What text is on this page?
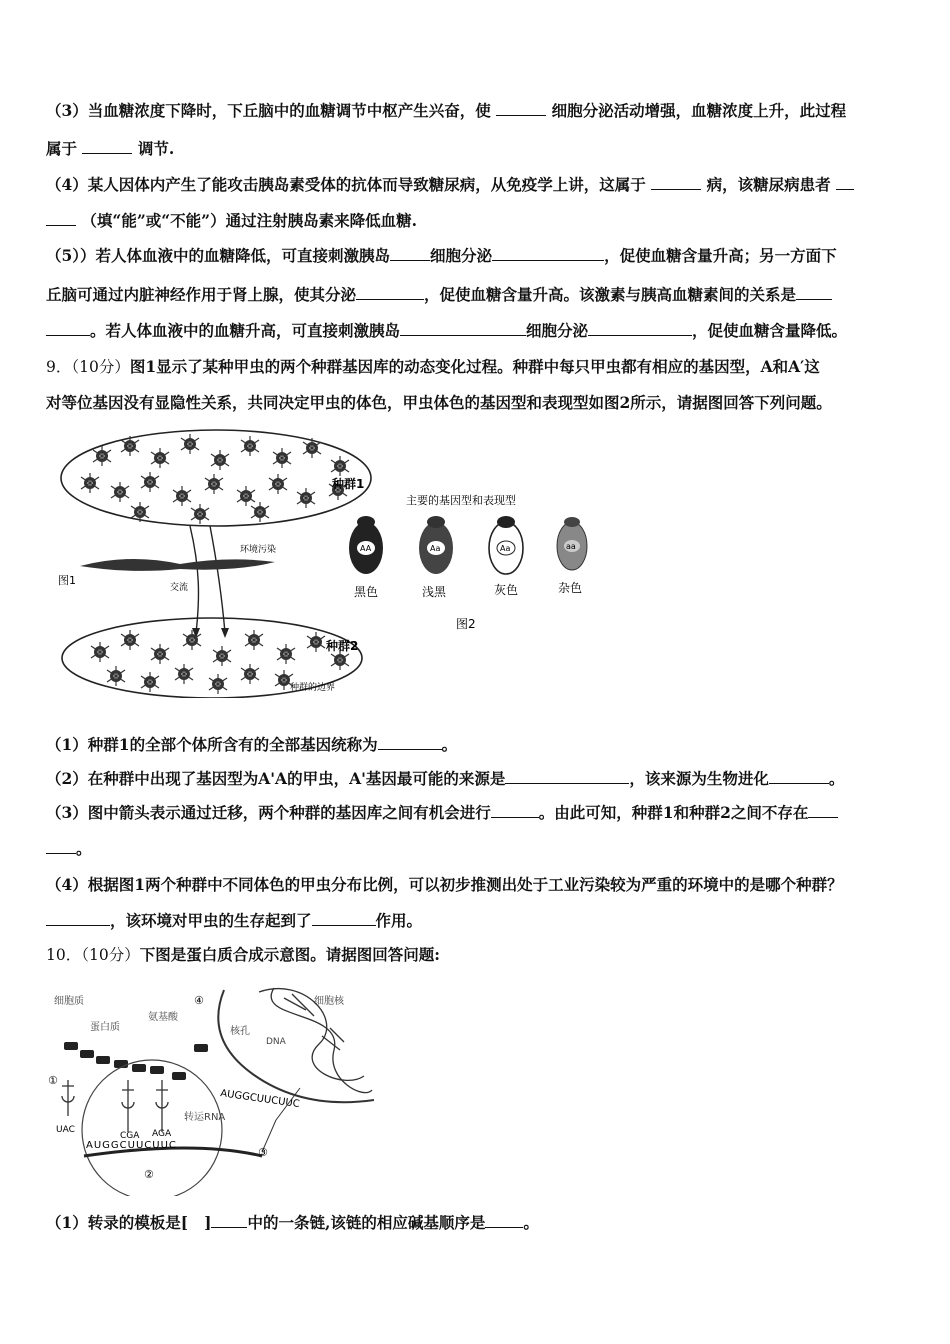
（3）当血糖浓度下降时，下丘脑中的血糖调节中枢产生兴奋，使	细胞分泌活动增强，血糖浓度上升，此过程
属于	调节.
（4）某人因体内产生了能攻击胰岛素受体的抗体而导致糖尿病，从免疫学上讲，这属于	病，该糖尿病患者
（填“能”或“不能”）通过注射胰岛素来降低血糖.
（5））若人体血液中的血糖降低，可直接刺激胰岛	细胞分泌	，促使血糖含量升高；另一方面下
丘脑可通过内脏神经作用于肾上腺，使其分泌	，促使血糖含量升高。该激素与胰高血糖素间的关系是
。若人体血液中的血糖升高，可直接刺激胰岛	细胞分泌	，促使血糖含量降低。
9．（10分）图1显示了某种甲虫的两个种群基因库的动态变化过程。种群中每只甲虫都有相应的基因型，A和A′这
对等位基因没有显隐性关系，共同决定甲虫的体色，甲虫体色的基因型和表现型如图2所示，请据图回答下列问题。
环境污染
图1
交流
种群1
种群2
种群的边界
主要的基因型和表现型
AA	Aa	Aa	aa
黑色	浅黑	灰色	杂色
图2
（1）种群1的全部个体所含有的全部基因统称为	。
（2）在种群中出现了基因型为A'A的甲虫，A'基因最可能的来源是	，该来源为生物进化	。
（3）图中箭头表示通过迁移，两个种群的基因库之间有机会进行	。由此可知，种群1和种群2之间不存在
。
（4）根据图1两个种群中不同体色的甲虫分布比例，可以初步推测出处于工业污染较为严重的环境中的是哪个种群？
，该环境对甲虫的生存起到了	作用。
10．（10分）下图是蛋白质合成示意图。请据图回答问题:
细胞质
蛋白质
氨基酸
④	细胞核
核孔
DNA
AUGGCUUCUUC
①
UAC
CGA AGA
转运RNA
AUGGCUUCUUC
③
②
（1）转录的模板是[ ] 中的一条链,该链的相应碱基顺序是 。
